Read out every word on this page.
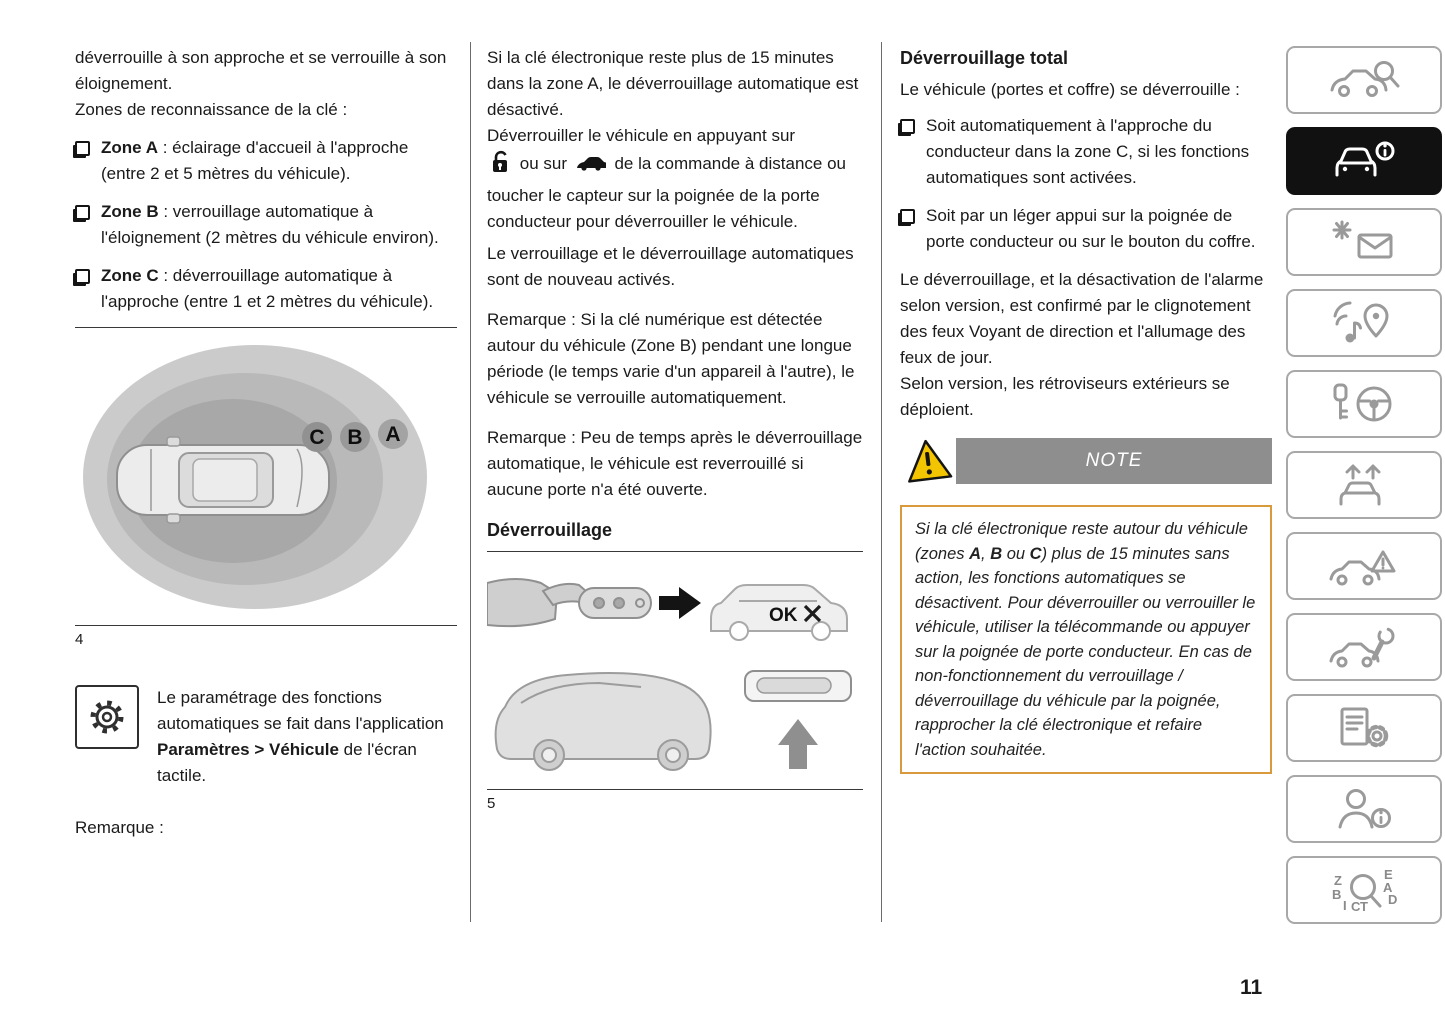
déverrouille à son approche et se verrouille à son éloignement.

Zones de reconnaissance de la clé :

Zone A : éclairage d'accueil à l'approche (entre 2 et 5 mètres du véhicule).
Zone B : verrouillage automatique à l'éloignement (2 mètres du véhicule environ).
Zone C : déverrouillage automatique à l'approche (entre 1 et 2 mètres du véhicule).
C B A
4
Le paramétrage des fonctions automatiques se fait dans l'application Paramètres > Véhicule de l'écran tactile.

Remarque :

Si la clé électronique reste plus de 15 minutes dans la zone A, le déverrouillage automatique est désactivé.

Déverrouiller le véhicule en appuyant sur
ou sur	de la commande à distance ou toucher le capteur sur la poignée de la porte conducteur pour déverrouiller le véhicule.

Le verrouillage et le déverrouillage automatiques sont de nouveau activés.

Remarque : Si la clé numérique est détectée autour du véhicule (Zone B) pendant une longue période (le temps varie d'un appareil à l'autre), le véhicule se verrouille automatiquement.

Remarque : Peu de temps après le déverrouillage automatique, le véhicule est reverrouillé si aucune porte n'a été ouverte.

Déverrouillage

OK

5

Déverrouillage total

Le véhicule (portes et coffre) se déverrouille :

Soit automatiquement à l'approche du conducteur dans la zone C, si les fonctions automatiques sont activées.
Soit par un léger appui sur la poignée de porte conducteur ou sur le bouton du coffre.

Le déverrouillage, et la désactivation de l'alarme selon version, est confirmé par le clignotement des feux Voyant de direction et l'allumage des feux de jour.

Selon version, les rétroviseurs extérieurs se déploient.

NOTE
Si la clé électronique reste autour du véhicule (zones A, B ou C) plus de 15 minutes sans action, les fonctions automatiques se désactivent. Pour déverrouiller ou verrouiller le véhicule, utiliser la télécommande ou appuyer sur la poignée de porte conducteur. En cas de non-fonctionnement du verrouillage / déverrouillage du véhicule par la poignée, rapprocher la clé électronique et refaire l'action souhaitée.
Z	E
B	A
D
I C T
11
